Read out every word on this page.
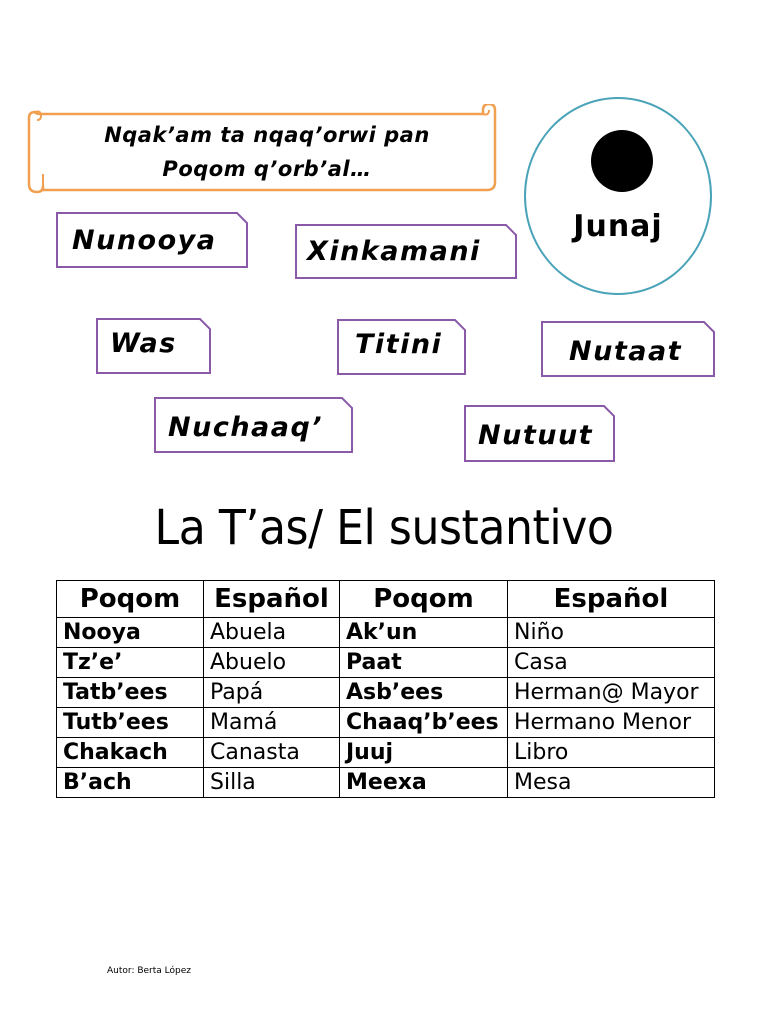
Nqak’am ta nqaq’orwi pan
Poqom q’orb’al…
Junaj
Nunooya	Xinkamani
Was	Titini	Nutaat
Nuchaaq’	Nutuut
La T’as/ El sustantivo
Poqom	Español	Poqom	Español
Nooya	Abuela	Ak’un	Niño
Tz’e’	Abuelo	Paat	Casa
Tatb’ees	Papá	Asb’ees	Herman@ Mayor
Tutb’ees	Mamá	Chaaq’b’ees	Hermano Menor
Chakach	Canasta	Juuj	Libro
B’ach	Silla	Meexa	Mesa
Autor: Berta López
